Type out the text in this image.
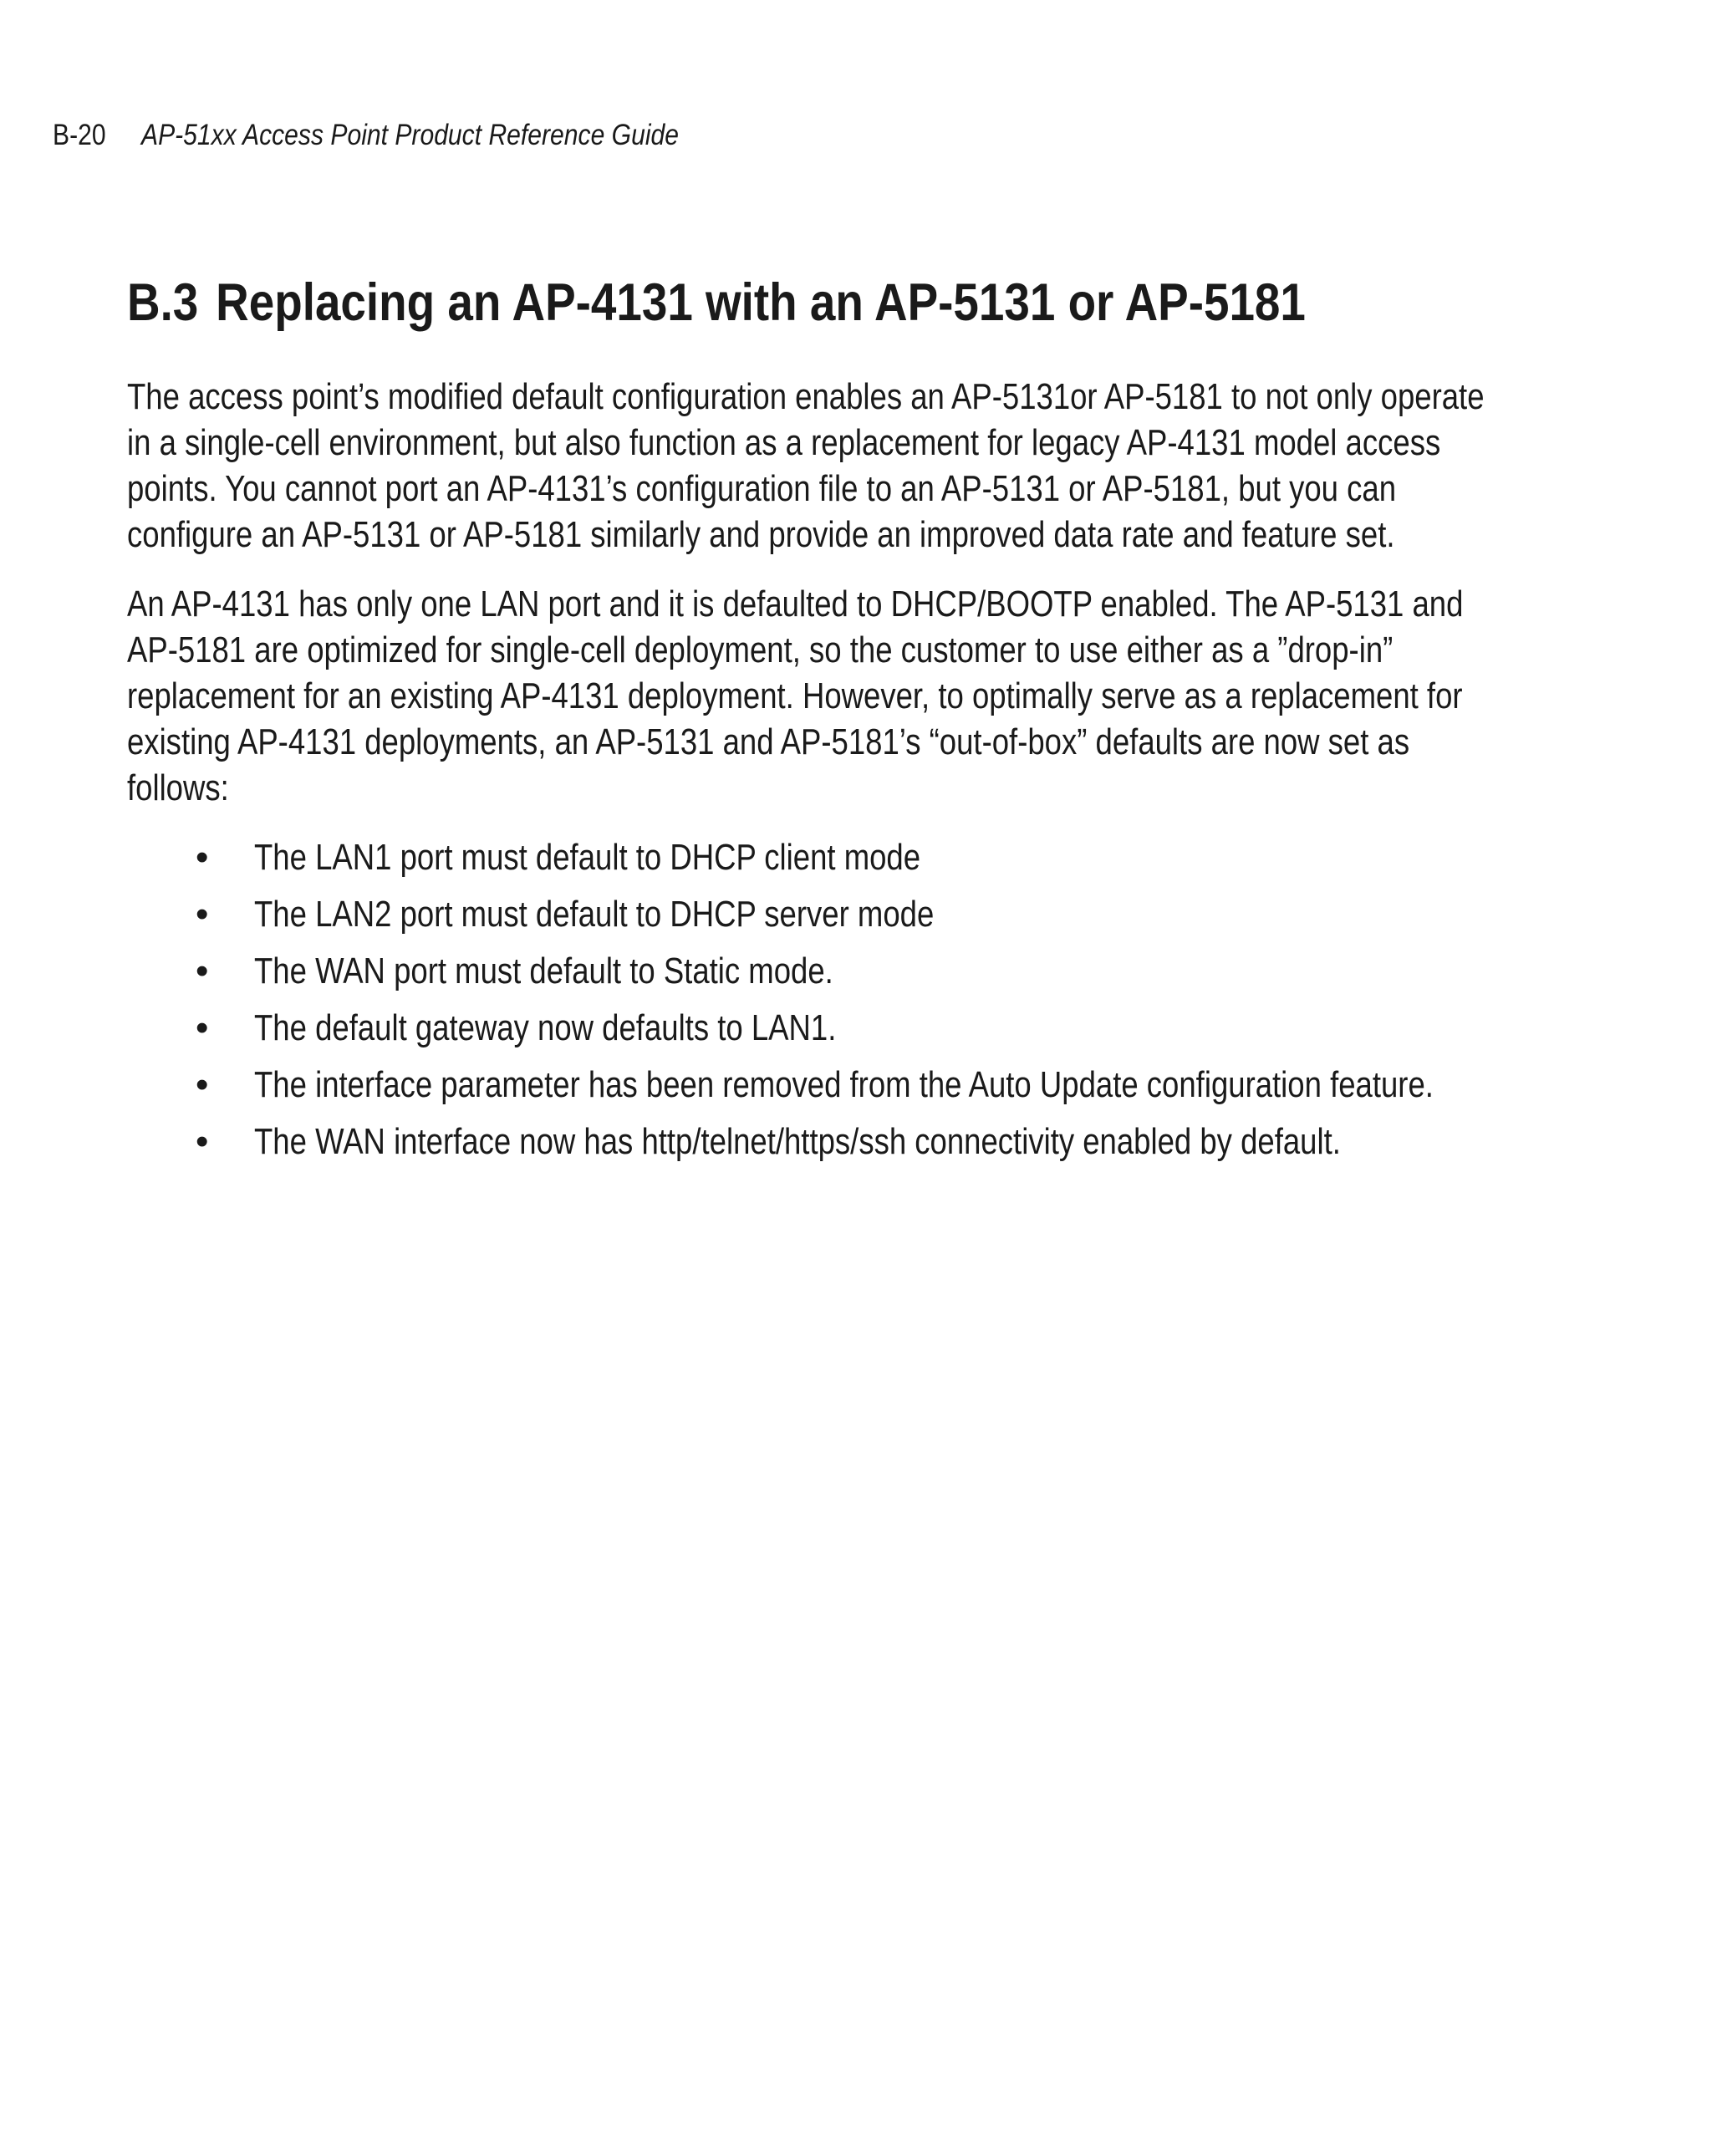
B-20 AP-51xx Access Point Product Reference Guide
B.3 Replacing an AP-4131 with an AP-5131 or AP-5181
The access point’s modified default configuration enables an AP-5131or AP-5181 to not only operate
in a single-cell environment, but also function as a replacement for legacy AP-4131 model access
points. You cannot port an AP-4131’s configuration file to an AP-5131 or AP-5181, but you can
configure an AP-5131 or AP-5181 similarly and provide an improved data rate and feature set.
An AP-4131 has only one LAN port and it is defaulted to DHCP/BOOTP enabled. The AP-5131 and
AP-5181 are optimized for single-cell deployment, so the customer to use either as a ”drop-in”
replacement for an existing AP-4131 deployment. However, to optimally serve as a replacement for
existing AP-4131 deployments, an AP-5131 and AP-5181’s “out-of-box” defaults are now set as
follows:
• The LAN1 port must default to DHCP client mode
• The LAN2 port must default to DHCP server mode
• The WAN port must default to Static mode.
• The default gateway now defaults to LAN1.
• The interface parameter has been removed from the Auto Update configuration feature.
• The WAN interface now has http/telnet/https/ssh connectivity enabled by default.
